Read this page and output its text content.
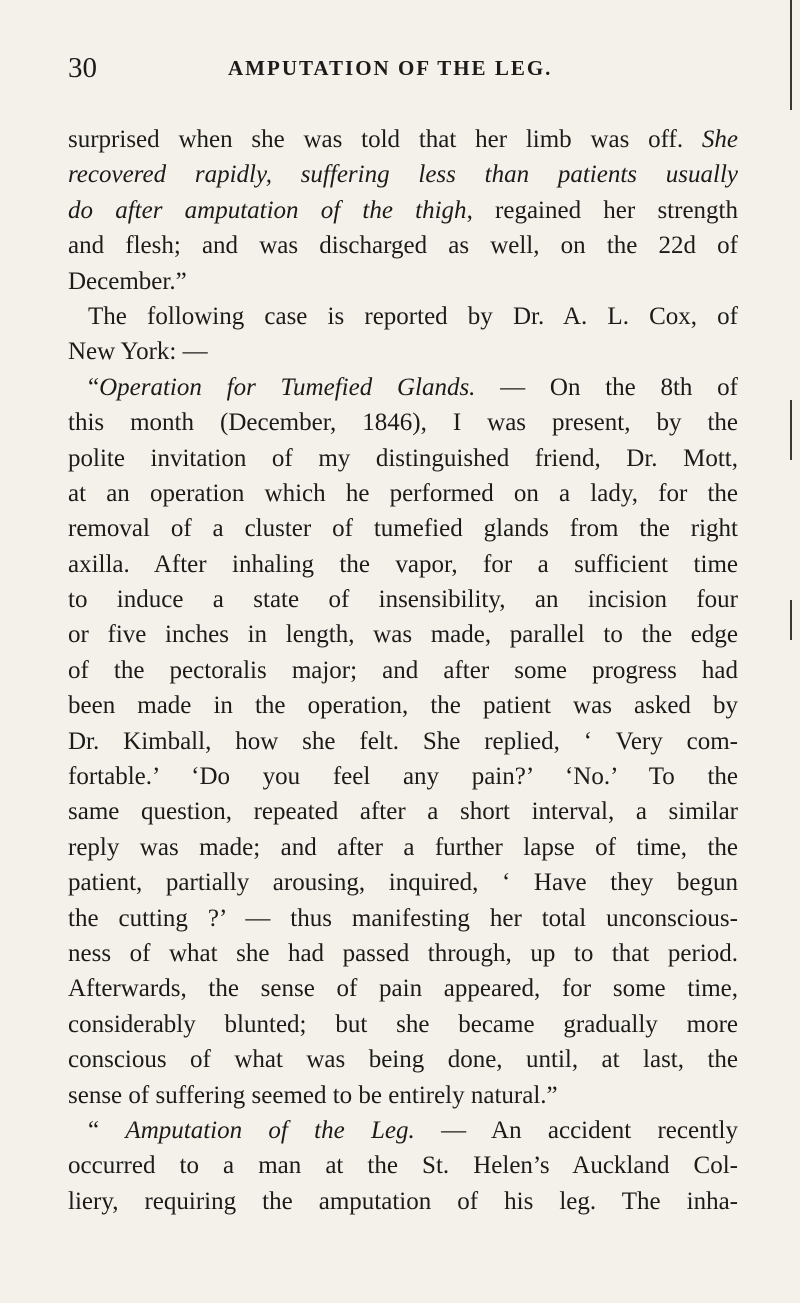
30	AMPUTATION OF THE LEG.
surprised when she was told that her limb was off. She
recovered rapidly, suffering less than patients usually
do after amputation of the thigh, regained her strength
and flesh; and was discharged as well, on the 22d of
December.”
The following case is reported by Dr. A. L. Cox, of
New York: —
“Operation for Tumefied Glands. — On the 8th of
this month (December, 1846), I was present, by the
polite invitation of my distinguished friend, Dr. Mott,
at an operation which he performed on a lady, for the
removal of a cluster of tumefied glands from the right
axilla. After inhaling the vapor, for a sufficient time
to induce a state of insensibility, an incision four
or five inches in length, was made, parallel to the edge
of the pectoralis major; and after some progress had
been made in the operation, the patient was asked by
Dr. Kimball, how she felt. She replied, ‘ Very com-
fortable.’ ‘Do you feel any pain?’ ‘No.’ To the
same question, repeated after a short interval, a similar
reply was made; and after a further lapse of time, the
patient, partially arousing, inquired, ‘ Have they begun
the cutting ?’ — thus manifesting her total unconscious-
ness of what she had passed through, up to that period.
Afterwards, the sense of pain appeared, for some time,
considerably blunted; but she became gradually more
conscious of what was being done, until, at last, the
sense of suffering seemed to be entirely natural.”
“ Amputation of the Leg. — An accident recently
occurred to a man at the St. Helen’s Auckland Col-
liery, requiring the amputation of his leg. The inha-
